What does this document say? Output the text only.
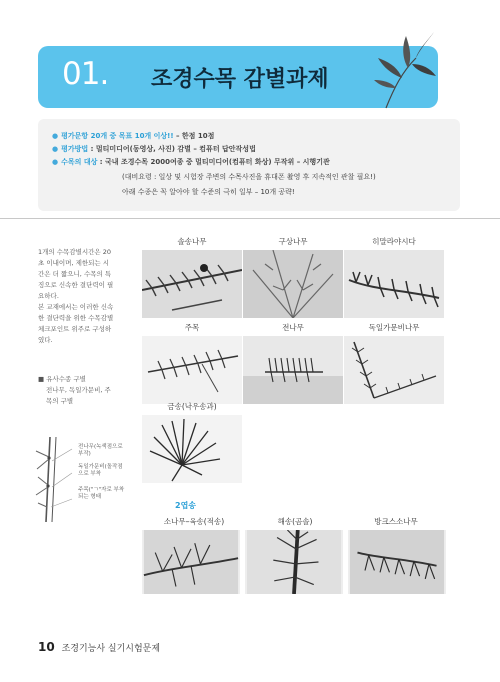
01. 조경수목 감별과제
● 평가문항 20개 중 목표 10개 이상!! – 한점 10점
● 평가방법 : 멀티미디어(동영상, 사진) 감별 – 컴퓨터 답안작성법
● 수목의 대상 : 국내 조경수목 2000여종 중 멀티미디어(컴퓨터 화상) 무작위 – 시행기관
(대비요령 : 일상 및 시험장 주변의 수목사진을 휴대폰 촬영 후 지속적인 관찰 필요!)
아래 수종은 꼭 알아야 할 수준의 극히 일부 – 10개 공략!

1개의 수목감별시간은 20

초 이내이며, 제한되는 시

간은 더 짧으니, 수목의 특

징으로 신속한 결단력이 필

요하다.

본 교재에서는 이러한 신속

한 결단력을 위한 수목감별

체크포인트 위주로 구성하

였다.

■ 유사수종 구별

전나무, 독일가문비, 주

목의 구별

전나무(녹색점으로
부작)
독일가문비(돌작점
으로 부착
주목("ㄱ"자로 부착
되는 형태
솔송나무	구상나무	히말라야시다
주목	전나무	독일가문비나무
금송(낙우송과)
2엽송
소나무–육송(적송)	해송(곰솔)	방크스소나무
10 조경기능사 실기시험문제
